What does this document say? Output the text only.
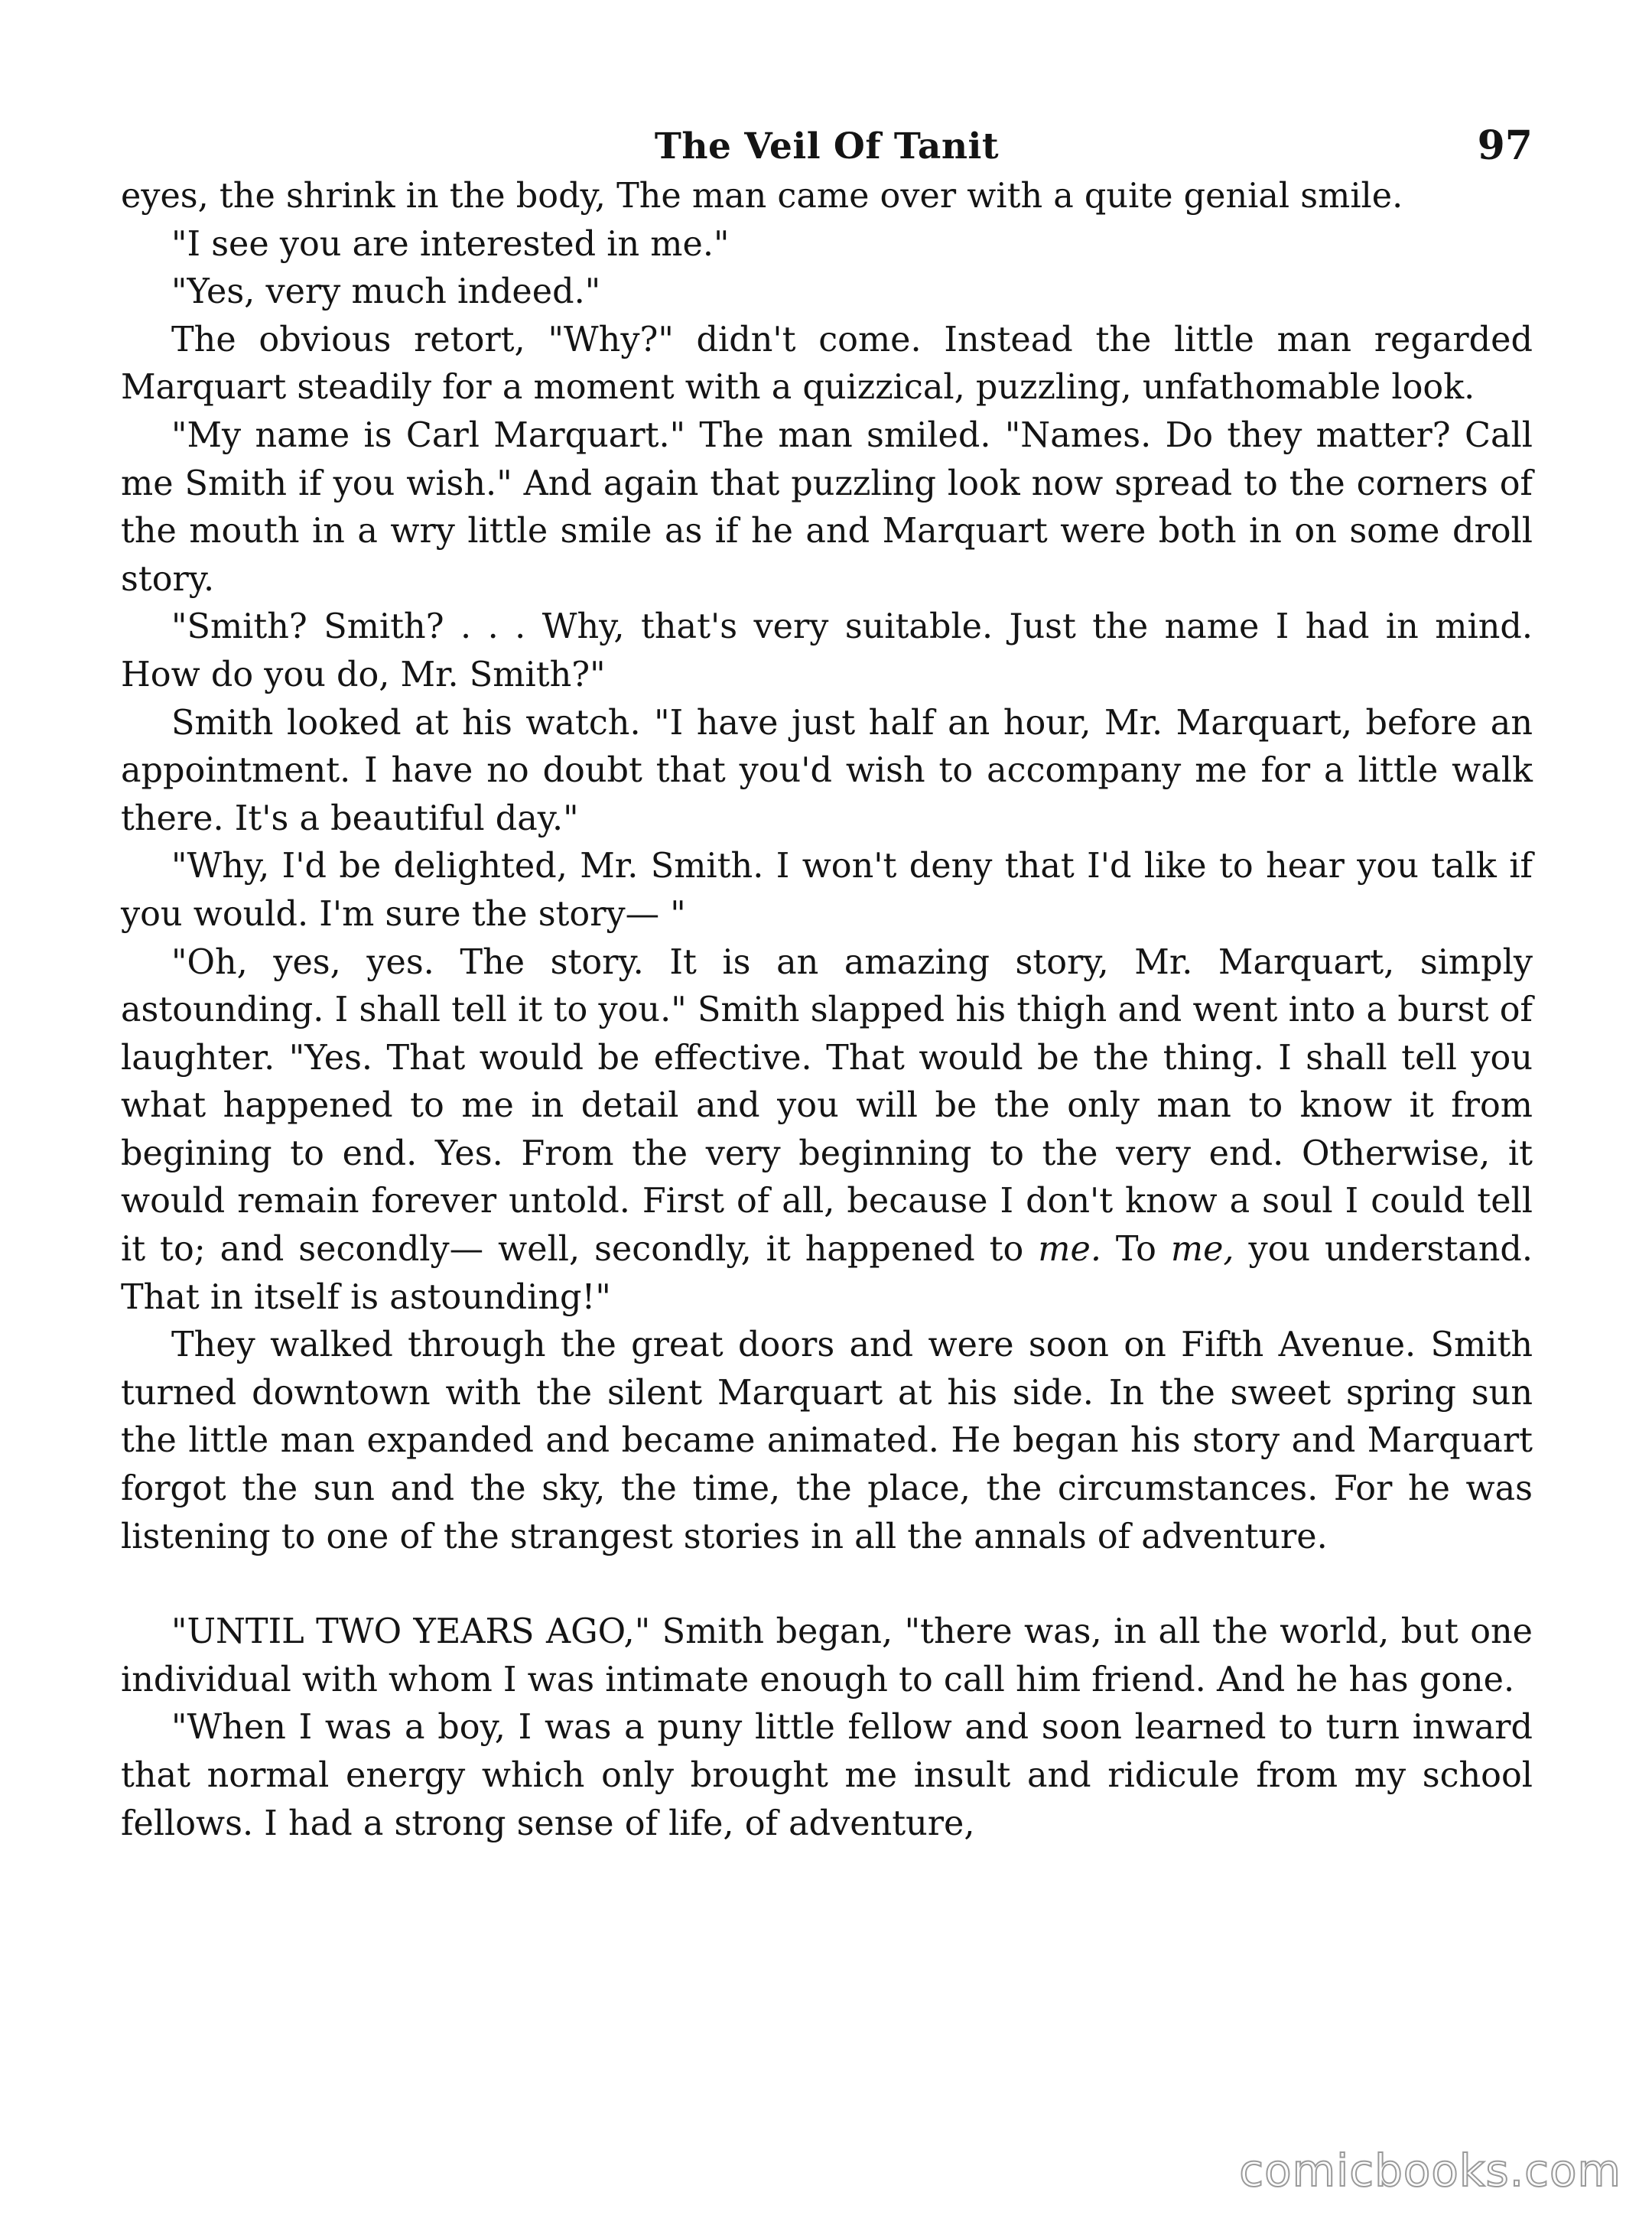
The Veil Of Tanit	97

eyes, the shrink in the body, The man came over with a quite genial smile.

"I see you are interested in me."

"Yes, very much indeed."

The obvious retort, "Why?" didn't come. Instead the little man regarded Marquart steadily for a moment with a quizzical, puzzling, unfathomable look.

"My name is Carl Marquart." The man smiled. "Names. Do they matter? Call me Smith if you wish." And again that puzzling look now spread to the corners of the mouth in a wry little smile as if he and Marquart were both in on some droll story.

"Smith? Smith? . . . Why, that's very suitable. Just the name I had in mind. How do you do, Mr. Smith?"

Smith looked at his watch. "I have just half an hour, Mr. Marquart, before an appointment. I have no doubt that you'd wish to accompany me for a little walk there. It's a beautiful day."

"Why, I'd be delighted, Mr. Smith. I won't deny that I'd like to hear you talk if you would. I'm sure the story— "

"Oh, yes, yes. The story. It is an amazing story, Mr. Marquart, simply astounding. I shall tell it to you." Smith slapped his thigh and went into a burst of laughter. "Yes. That would be effective. That would be the thing. I shall tell you what happened to me in detail and you will be the only man to know it from begining to end. Yes. From the very beginning to the very end. Otherwise, it would remain forever untold. First of all, because I don't know a soul I could tell it to; and secondly— well, secondly, it happened to me. To me, you understand. That in itself is astounding!"

They walked through the great doors and were soon on Fifth Avenue. Smith turned downtown with the silent Marquart at his side. In the sweet spring sun the little man expanded and became animated. He began his story and Marquart forgot the sun and the sky, the time, the place, the circumstances. For he was listening to one of the strangest stories in all the annals of adventure.

"UNTIL TWO YEARS AGO," Smith began, "there was, in all the world, but one individual with whom I was intimate enough to call him friend. And he has gone.

"When I was a boy, I was a puny little fellow and soon learned to turn inward that normal energy which only brought me insult and ridicule from my school fellows. I had a strong sense of life, of adventure,

comicbooks.com
